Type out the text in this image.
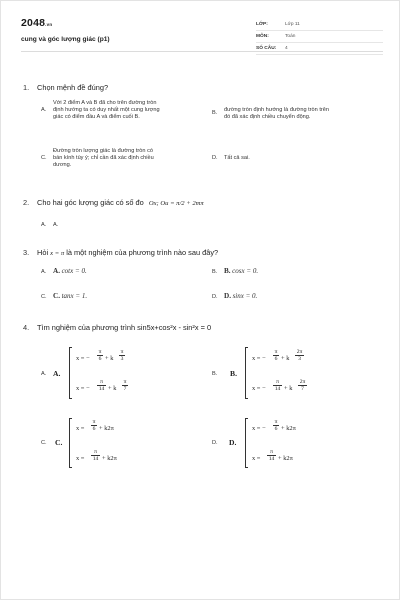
2048.vn
cung và góc lượng giác (p1)
LỚP:	Lớp 11
MÔN:	Toán
SỐ CÂU:	4
1. Chọn mệnh đề đúng?
A.
Với 2 điểm A và B đã cho trên đường tròn
định hướng ta có duy nhất một cung lượng
giác có điểm đầu A và điểm cuối B.
B. đường tròn định hướng là đường tròn trên
đó đã xác định chiều chuyển động.
C.
Đường tròn lượng giác là đường tròn có
bán kính tùy ý; chỉ cần đã xác định chiều
dương.
D. Tất cả sai.
2. Cho hai góc lượng giác có số đo Ox; Ou = π/2 + 2mπ
A. A.
3. Hỏi x = π là một nghiệm của phương trình nào sau đây?
A. A. cotx = 0.	B. B. cosx = 0.
C. C. tanx = 1.	D. D. sinx = 0.
4. Tìm nghiệm của phương trình sin5x+cos²x - sin²x = 0
A. A.
x = −
π
6 + k
π
3
x = −
π
14 + k
π
7
B. B.
x = −
π
6 + k
2π
3
x = −
π
14 + k
2π
7
C. C.
x =
π
6 + k2π
x =
π
14 + k2π
D. D.
x = −
π
6 + k2π
x =
π
14 + k2π
